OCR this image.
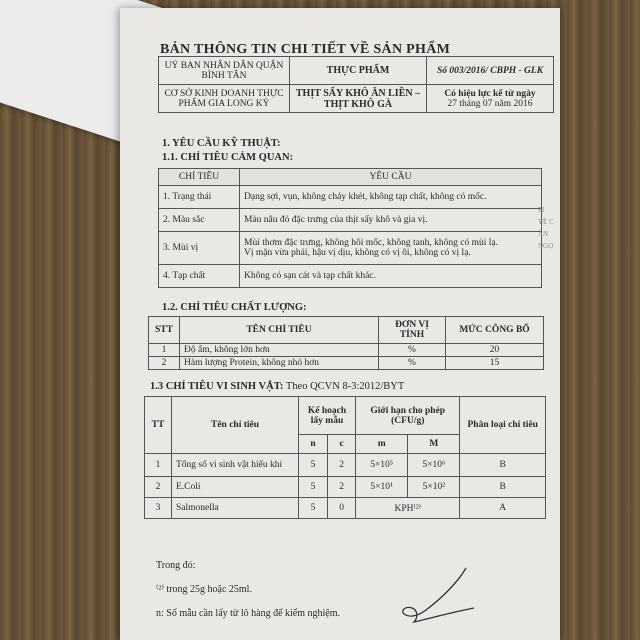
BẢN THÔNG TIN CHI TIẾT VỀ SẢN PHẨM
UỶ BAN NHÂN DÂN QUẬN BÌNH TÂN	THỰC PHẨM	Số 003/2016/ CBPH - GLK
CƠ SỞ KINH DOANH THỰC PHẨM GIA LONG KỲ	THỊT SẤY KHÔ ĂN LIỀN – THỊT KHÔ GÀ	Có hiệu lực kể từ ngày
27 tháng 07 năm 2016
1. YÊU CẦU KỸ THUẬT:
1.1. CHỈ TIÊU CẢM QUAN:
CHỈ TIÊU	YÊU CẦU
1. Trạng thái	Dạng sợi, vụn, không cháy khét, không tạp chất, không có mốc.
2. Màu sắc	Màu nâu đỏ đặc trưng của thịt sấy khô và gia vị.
3. Mùi vị	Mùi thơm đặc trưng, không hôi mốc, không tanh, không có mùi lạ.
Vị mặn vừa phải, hậu vị dịu, không có vị ôi, không có vị lạ.

4. Tạp chất	Không có sạn cát và tạp chất khác.
1.2. CHỈ TIÊU CHẤT LƯỢNG:
STT	TÊN CHỈ TIÊU	ĐƠN VỊ TÍNH	MỨC CÔNG BỐ
1	Độ ẩm, không lớn hơn	%	20
2	Hàm lượng Protein, không nhỏ hơn	%	15
1.3 CHỈ TIÊU VI SINH VẬT: Theo QCVN 8-3:2012/BYT
TT	Tên chỉ tiêu	Kế hoạch lấy mẫu		Giới hạn cho phép (CFU/g)		Phân loại chỉ tiêu
		n	c	m	M	
1	Tổng số vi sinh vật hiếu khí	5	2	5×10⁵	5×10⁶	B
2	E.Coli	5	2	5×10¹	5×10²	B
3	Salmonella	5	0	KPH⁽²⁾		A
Trong đó:
⁽²⁾ trong 25g hoặc 25ml.
n: Số mẫu cần lấy từ lô hàng để kiểm nghiệm.
PI
YỀ C
ẦN
NGỌ
